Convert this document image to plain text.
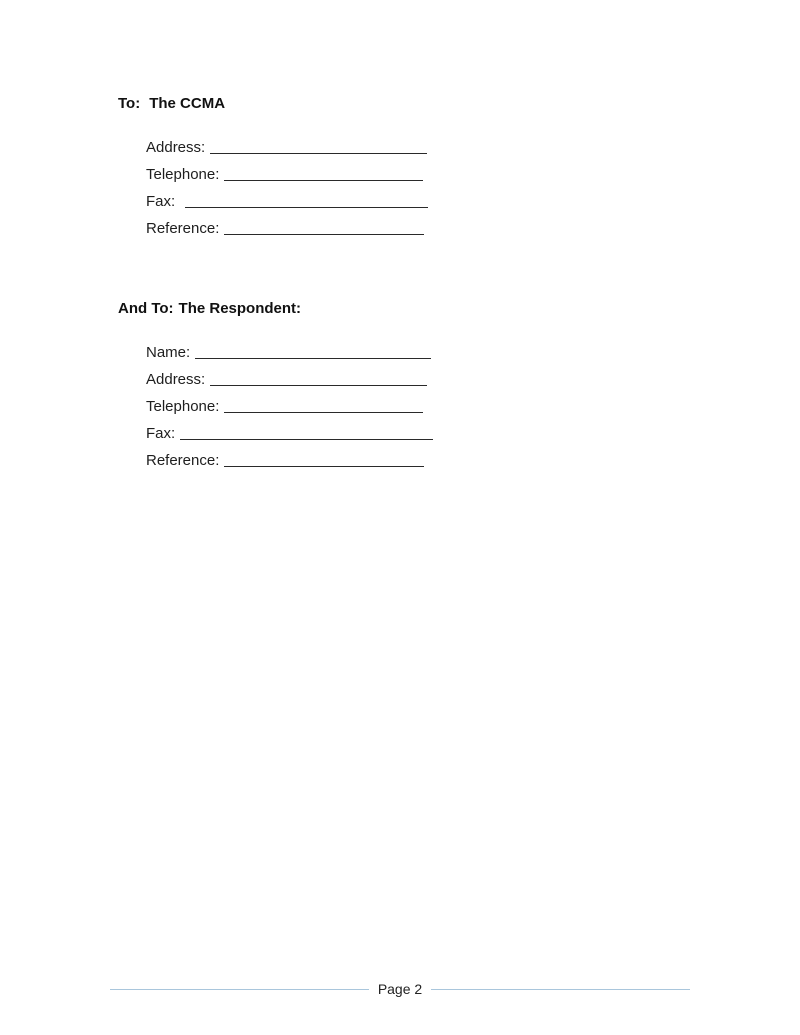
To: The CCMA
Address:
Telephone:
Fax:
Reference:
And To: The Respondent:
Name:
Address:
Telephone:
Fax:
Reference:
Page 2
